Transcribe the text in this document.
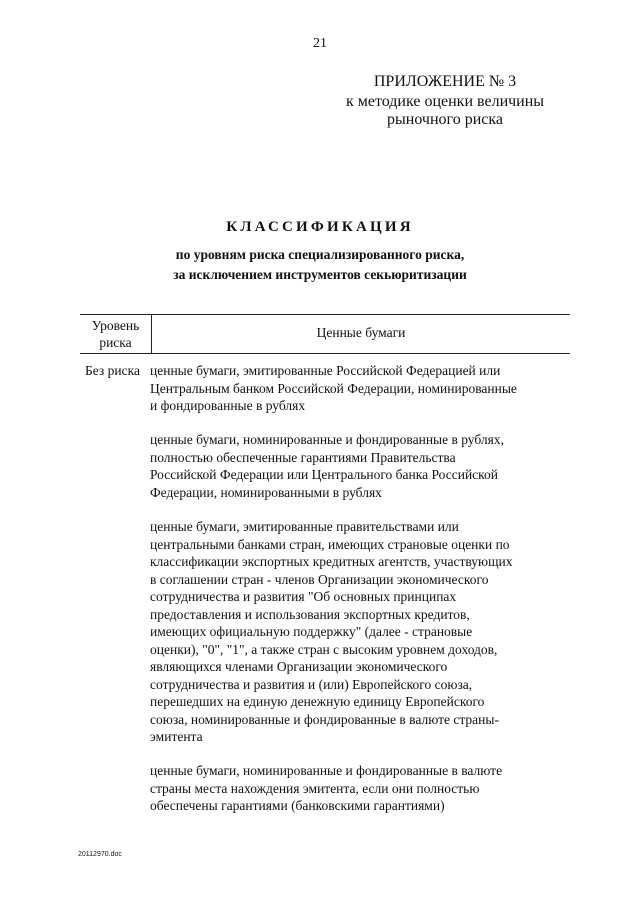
21
ПРИЛОЖЕНИЕ № 3
к методике оценки величины
рыночного риска
КЛАССИФИКАЦИЯ
по уровням риска специализированного риска,
за исключением инструментов секьюритизации
Уровень
риска
Ценные бумаги
Без риска ценные бумаги, эмитированные Российской Федерацией или
Центральным банком Российской Федерации, номинированные
и фондированные в рублях
ценные бумаги, номинированные и фондированные в рублях,
полностью обеспеченные гарантиями Правительства
Российской Федерации или Центрального банка Российской
Федерации, номинированными в рублях
ценные бумаги, эмитированные правительствами или
центральными банками стран, имеющих страновые оценки по
классификации экспортных кредитных агентств, участвующих
в соглашении стран - членов Организации экономического
сотрудничества и развития "Об основных принципах
предоставления и использования экспортных кредитов,
имеющих официальную поддержку" (далее - страновые
оценки), "0", "1", а также стран с высоким уровнем доходов,
являющихся членами Организации экономического
сотрудничества и развития и (или) Европейского союза,
перешедших на единую денежную единицу Европейского
союза, номинированные и фондированные в валюте страны-
эмитента
ценные бумаги, номинированные и фондированные в валюте
страны места нахождения эмитента, если они полностью
обеспечены гарантиями (банковскими гарантиями)
20112970.doc
